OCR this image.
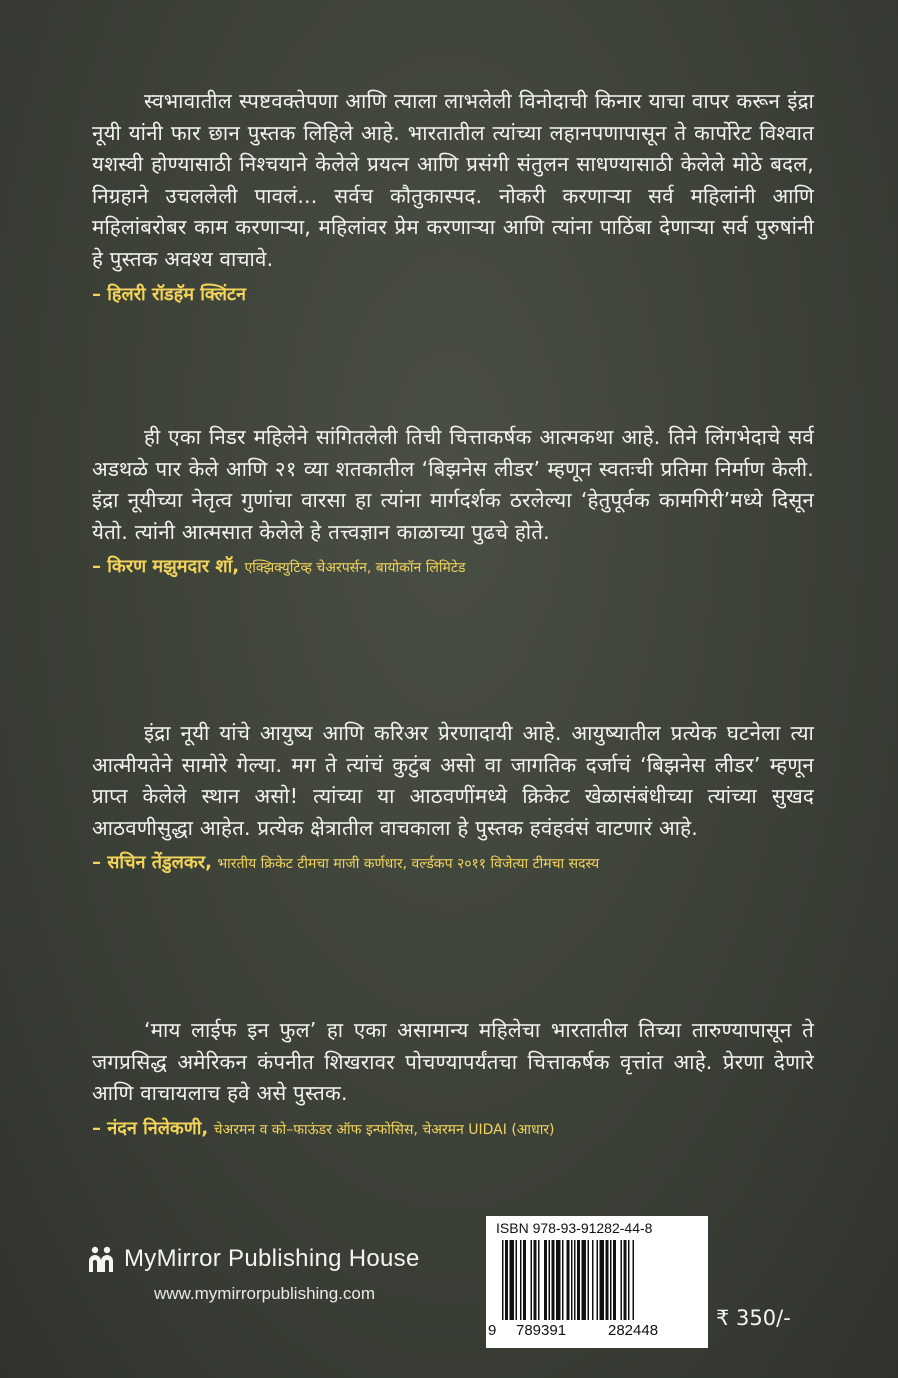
स्वभावातील स्पष्टवक्तेपणा आणि त्याला लाभलेली विनोदाची किनार याचा वापर करून इंद्रा नूयी यांनी फार छान पुस्तक लिहिले आहे. भारतातील त्यांच्या लहानपणापासून ते कार्पोरेट विश्वात यशस्वी होण्यासाठी निश्चयाने केलेले प्रयत्न आणि प्रसंगी संतुलन साधण्यासाठी केलेले मोठे बदल, निग्रहाने उचललेली पावलं... सर्वच कौतुकास्पद. नोकरी करणाऱ्या सर्व महिलांनी आणि महिलांबरोबर काम करणाऱ्या, महिलांवर प्रेम करणाऱ्या आणि त्यांना पाठिंबा देणाऱ्या सर्व पुरुषांनी हे पुस्तक अवश्य वाचावे.

– हिलरी रॉडहॅम क्लिंटन

ही एका निडर महिलेने सांगितलेली तिची चित्ताकर्षक आत्मकथा आहे. तिने लिंगभेदाचे सर्व अडथळे पार केले आणि २१ व्या शतकातील ‘बिझनेस लीडर’ म्हणून स्वतःची प्रतिमा निर्माण केली. इंद्रा नूयीच्या नेतृत्व गुणांचा वारसा हा त्यांना मार्गदर्शक ठरलेल्या ‘हेतुपूर्वक कामगिरी’मध्ये दिसून येतो. त्यांनी आत्मसात केलेले हे तत्त्वज्ञान काळाच्या पुढचे होते.

– किरण मझुमदार शॉ, एक्झिक्युटिव्ह चेअरपर्सन, बायोकॉन लिमिटेड

इंद्रा नूयी यांचे आयुष्य आणि करिअर प्रेरणादायी आहे. आयुष्यातील प्रत्येक घटनेला त्या आत्मीयतेने सामोरे गेल्या. मग ते त्यांचं कुटुंब असो वा जागतिक दर्जाचं ‘बिझनेस लीडर’ म्हणून प्राप्त केलेले स्थान असो! त्यांच्या या आठवणींमध्ये क्रिकेट खेळासंबंधीच्या त्यांच्या सुखद आठवणीसुद्धा आहेत. प्रत्येक क्षेत्रातील वाचकाला हे पुस्तक हवंहवंसं वाटणारं आहे.

– सचिन तेंडुलकर, भारतीय क्रिकेट टीमचा माजी कर्णधार, वर्ल्डकप २०११ विजेत्या टीमचा सदस्य

‘माय लाईफ इन फुल’ हा एका असामान्य महिलेचा भारतातील तिच्या तारुण्यापासून ते जगप्रसिद्ध अमेरिकन कंपनीत शिखरावर पोचण्यापर्यंतचा चित्ताकर्षक वृत्तांत आहे. प्रेरणा देणारे आणि वाचायलाच हवे असे पुस्तक.

– नंदन निलेकणी, चेअरमन व को–फाऊंडर ऑफ इन्फोसिस, चेअरमन UIDAI (आधार)
MyMirror Publishing House
www.mymirrorpublishing.com
ISBN 978-93-91282-44-8
9 789391	282448
₹ 350/-
